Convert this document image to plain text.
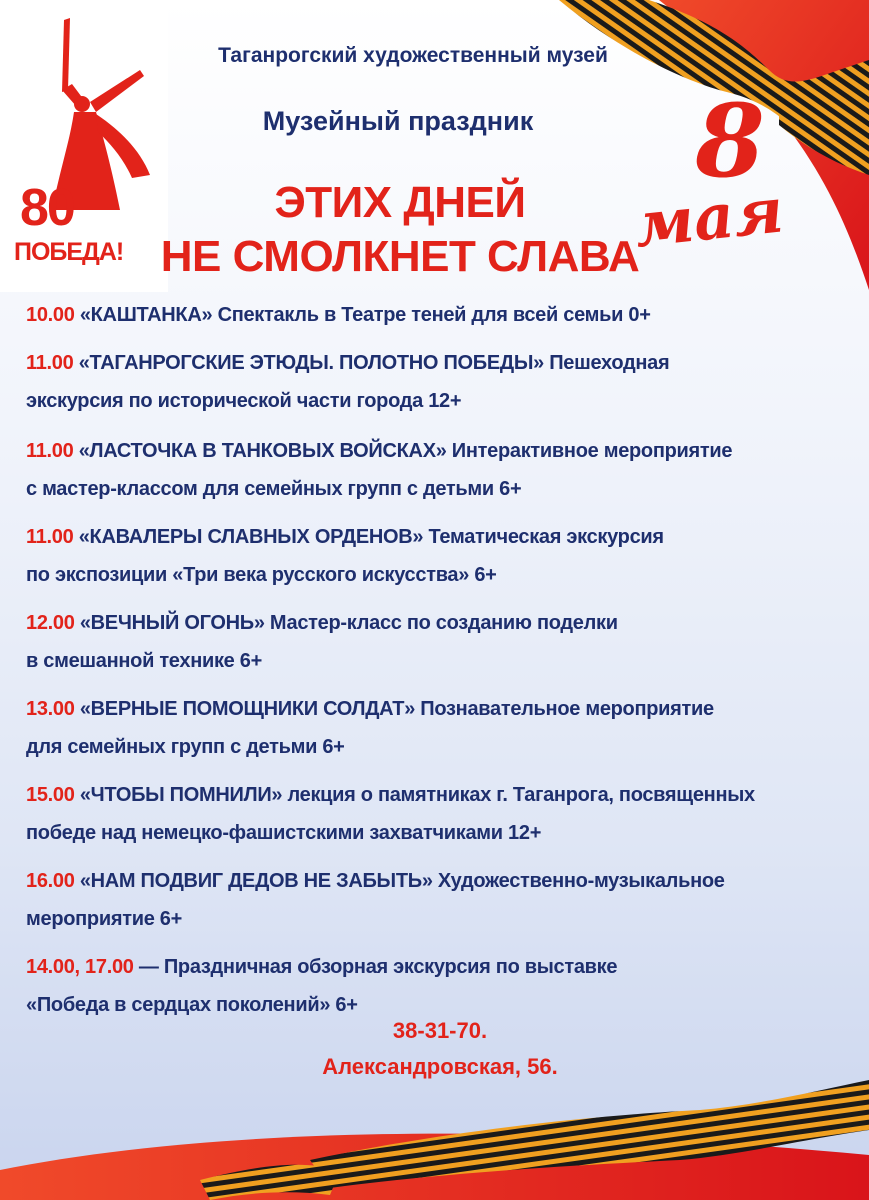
80
ПОБЕДА!
Таганрогский художественный музей
Музейный праздник
ЭТИХ ДНЕЙ
НЕ СМОЛКНЕТ СЛАВА
8
мая
10.00 «КАШТАНКА» Спектакль в Театре теней для всей семьи 0+
11.00 «ТАГАНРОГСКИЕ ЭТЮДЫ. ПОЛОТНО ПОБЕДЫ» Пешеходная
экскурсия по исторической части города 12+
11.00 «ЛАСТОЧКА В ТАНКОВЫХ ВОЙСКАХ» Интерактивное мероприятие
с мастер-классом для семейных групп с детьми 6+
11.00 «КАВАЛЕРЫ СЛАВНЫХ ОРДЕНОВ» Тематическая экскурсия
по экспозиции «Три века русского искусства» 6+
12.00 «ВЕЧНЫЙ ОГОНЬ» Мастер-класс по созданию поделки
в смешанной технике 6+
13.00 «ВЕРНЫЕ ПОМОЩНИКИ СОЛДАТ» Познавательное мероприятие
для семейных групп с детьми 6+
15.00 «ЧТОБЫ ПОМНИЛИ» лекция о памятниках г. Таганрога, посвященных
победе над немецко-фашистскими захватчиками 12+
16.00 «НАМ ПОДВИГ ДЕДОВ НЕ ЗАБЫТЬ» Художественно-музыкальное
мероприятие 6+
14.00, 17.00 — Праздничная обзорная экскурсия по выставке
«Победа в сердцах поколений» 6+
38-31-70.
Александровская, 56.
